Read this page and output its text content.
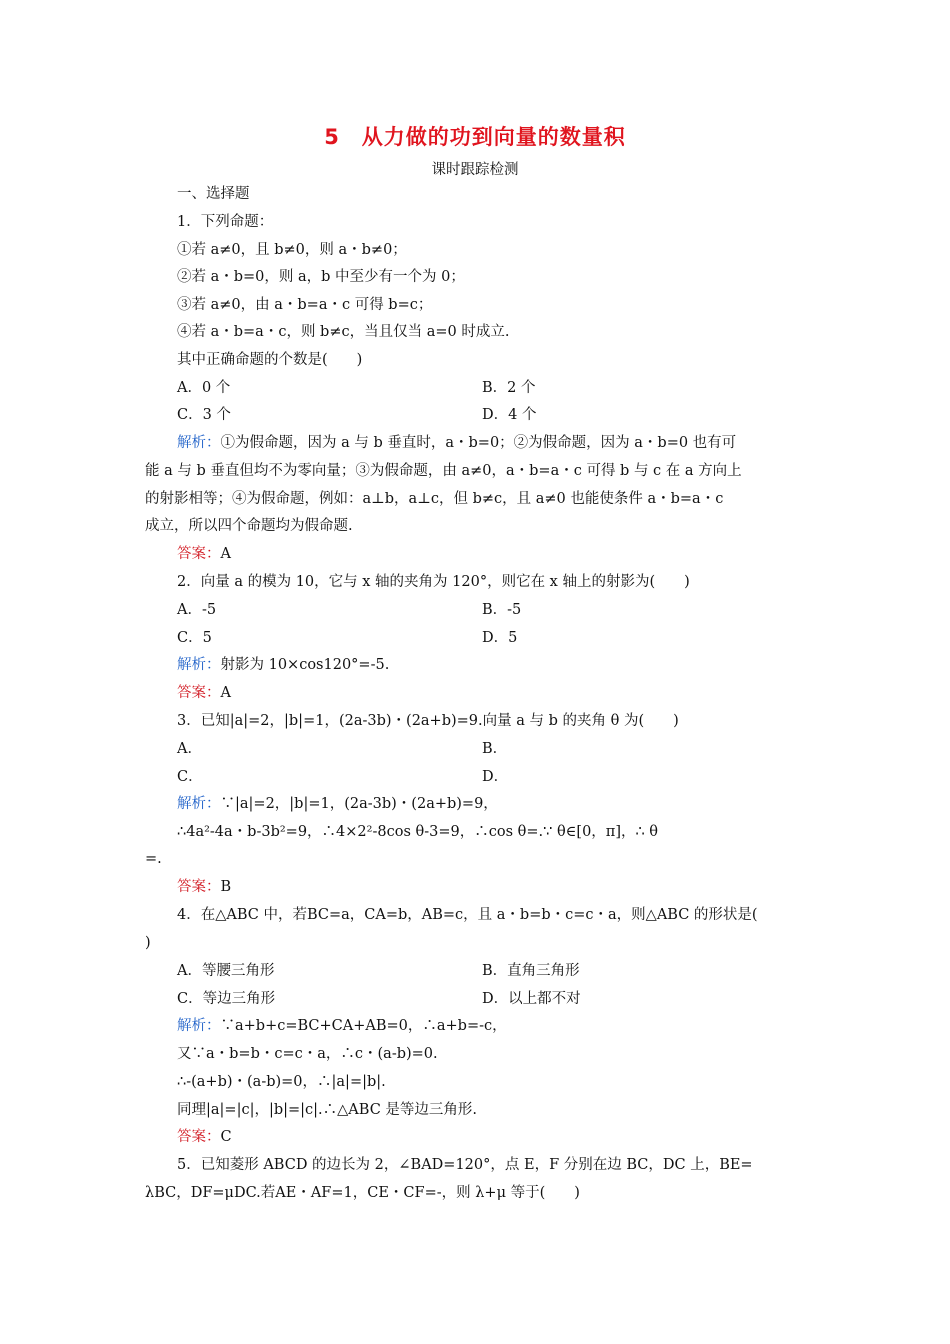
5　从力做的功到向量的数量积
课时跟踪检测
一、选择题
1．下列命题：
①若 a≠0，且 b≠0，则 a・b≠0；
②若 a・b=0，则 a，b 中至少有一个为 0；
③若 a≠0，由 a・b=a・c 可得 b=c；
④若 a・b=a・c，则 b≠c，当且仅当 a=0 时成立.
其中正确命题的个数是(　　)
A．0 个	B．2 个
C．3 个	D．4 个
解析：①为假命题，因为 a 与 b 垂直时，a・b=0；②为假命题，因为 a・b=0 也有可
能 a 与 b 垂直但均不为零向量；③为假命题，由 a≠0，a・b=a・c 可得 b 与 c 在 a 方向上
的射影相等；④为假命题，例如：a⊥b，a⊥c，但 b≠c，且 a≠0 也能使条件 a・b=a・c
成立，所以四个命题均为假命题.
答案：A
2．向量 a 的模为 10，它与 x 轴的夹角为 120°，则它在 x 轴上的射影为(　　)
A．-5	B．-5
C．5	D．5
解析：射影为 10×cos120°=-5.
答案：A
3．已知|a|=2，|b|=1，(2a-3b)・(2a+b)=9.向量 a 与 b 的夹角 θ 为(　　)
A．	B．
C．	D．
解析：∵|a|=2，|b|=1，(2a-3b)・(2a+b)=9，
∴4a²-4a・b-3b²=9，∴4×2²-8cos θ-3=9，∴cos θ=.∵ θ∈[0，π]，∴ θ
=.
答案：B
4．在△ABC 中，若BC=a，CA=b，AB=c，且 a・b=b・c=c・a，则△ABC 的形状是(
)
A．等腰三角形	B．直角三角形
C．等边三角形	D．以上都不对
解析：∵a+b+c=BC+CA+AB=0，∴a+b=-c，
又∵a・b=b・c=c・a，∴c・(a-b)=0.
∴-(a+b)・(a-b)=0，∴|a|=|b|.
同理|a|=|c|，|b|=|c|.∴△ABC 是等边三角形.
答案：C
5．已知菱形 ABCD 的边长为 2，∠BAD=120°，点 E，F 分别在边 BC，DC 上，BE=
λBC，DF=μDC.若AE・AF=1，CE・CF=-，则 λ+μ 等于(　　)
